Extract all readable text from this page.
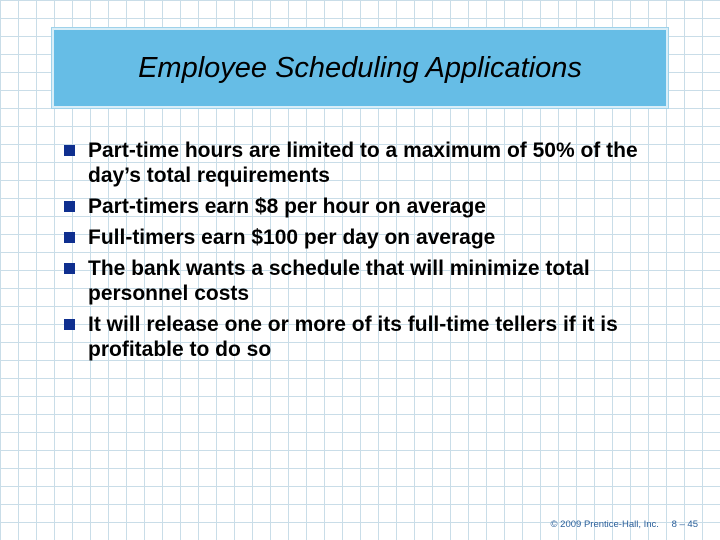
Employee Scheduling Applications
Part-time hours are limited to a maximum of 50% of the day’s total requirements
Part-timers earn $8 per hour on average
Full-timers earn $100 per day on average
The bank wants a schedule that will minimize total personnel costs
It will release one or more of its full-time tellers if it is profitable to do so
© 2009 Prentice-Hall, Inc. 8 – 45
